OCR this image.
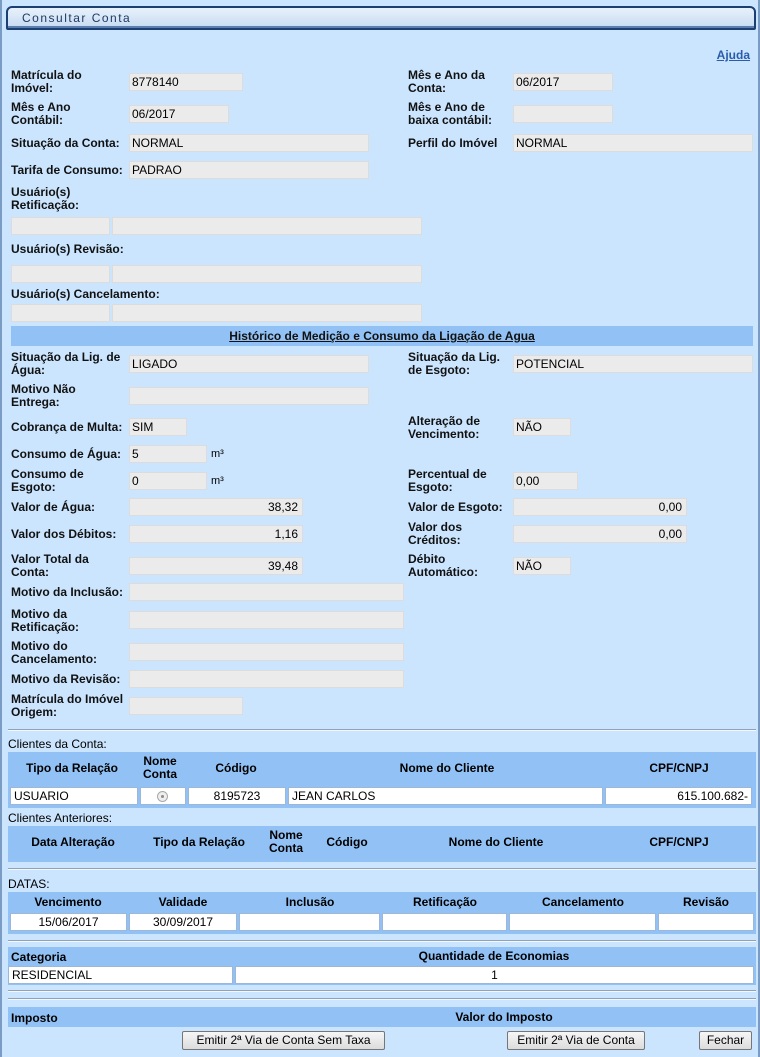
Consultar Conta
Ajuda
Matrícula do Imóvel:	8778140	Mês e Ano da Conta:	06/2017
Mês e Ano Contábil:	06/2017	Mês e Ano de baixa contábil:
Situação da Conta:	NORMAL	Perfil do Imóvel	NORMAL
Tarifa de Consumo: PADRAO
Usuário(s) Retificação:
Usuário(s) Revisão:
Usuário(s) Cancelamento:
Histórico de Medição e Consumo da Ligação de Agua
Situação da Lig. de Água:	LIGADO	Situação da Lig. de Esgoto:	POTENCIAL
Motivo Não Entrega:
Cobrança de Multa: SIM	Alteração de Vencimento:	NÃO
Consumo de Água: 5	m³
Consumo de Esgoto:	0	m³	Percentual de Esgoto:	0,00
Valor de Água:	38,32	Valor de Esgoto:	0,00
Valor dos Débitos:	1,16	Valor dos Créditos:	0,00
Valor Total da Conta:	39,48	Débito Automático:	NÃO
Motivo da Inclusão:
Motivo da Retificação:
Motivo do Cancelamento:
Motivo da Revisão:
Matrícula do Imóvel Origem:
Clientes da Conta:
Tipo da Relação	Nome Conta	Código	Nome do Cliente	CPF/CNPJ
USUARIO	8195723	JEAN CARLOS	615.100.682-
Clientes Anteriores:
Data Alteração	Tipo da Relação	Nome Conta	Código	Nome do Cliente	CPF/CNPJ
DATAS:
Vencimento	Validade	Inclusão	Retificação	Cancelamento	Revisão
15/06/2017	30/09/2017
Categoria	Quantidade de Economias
RESIDENCIAL	1
Imposto	Valor do Imposto
Emitir 2ª Via de Conta Sem Taxa	Emitir 2ª Via de Conta	Fechar
